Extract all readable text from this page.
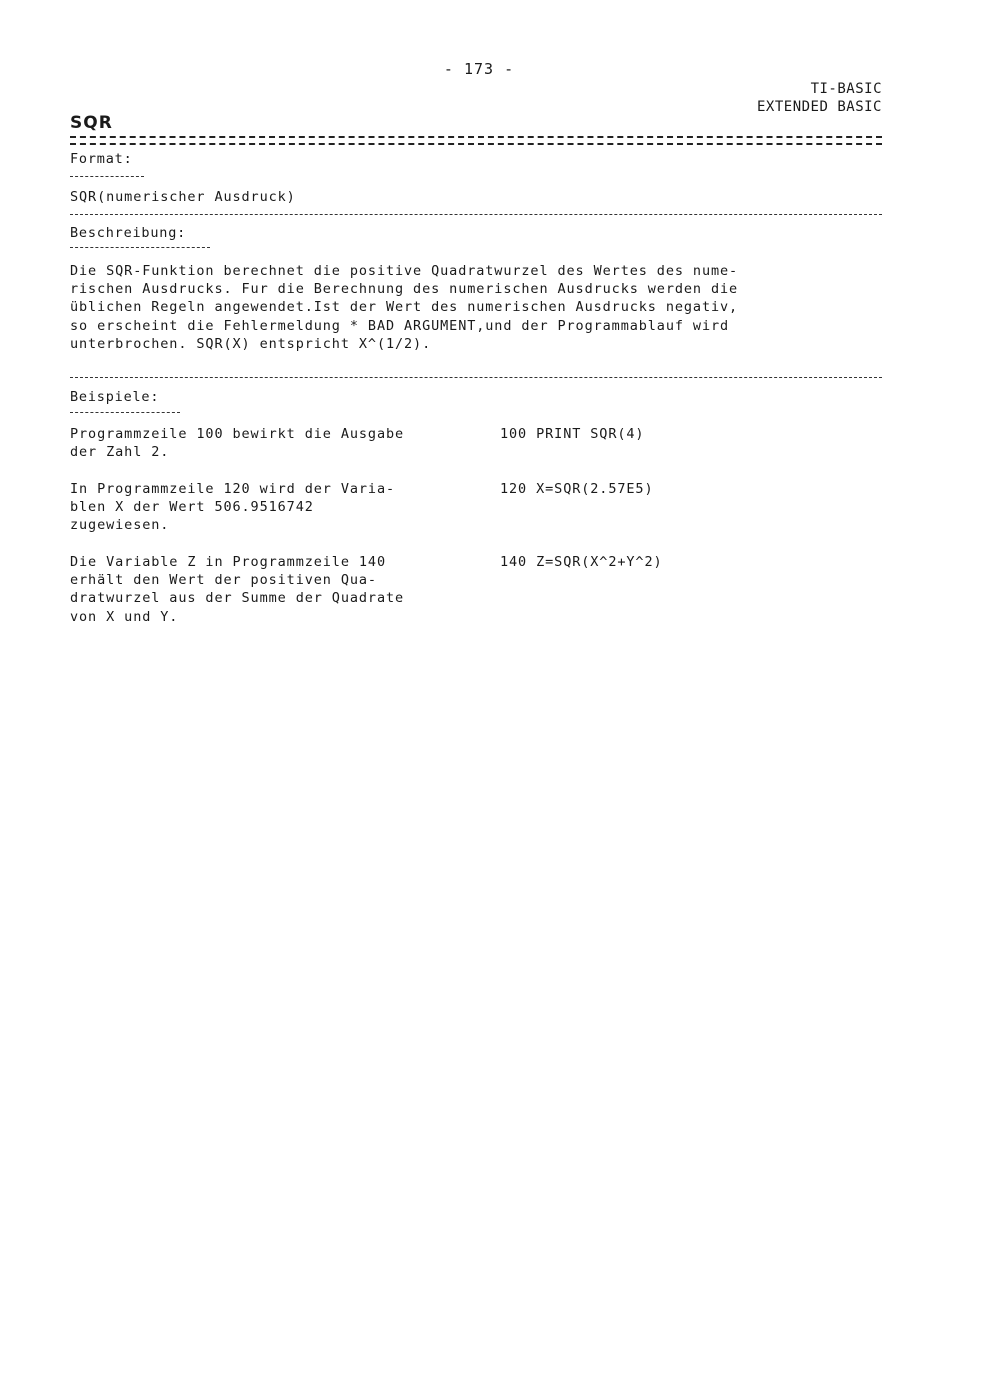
- 173 -
TI-BASIC
EXTENDED BASIC
SQR
Format:
SQR(numerischer Ausdruck)
Beschreibung:
Die SQR-Funktion berechnet die positive Quadratwurzel des Wertes des nume-
rischen Ausdrucks. Fur die Berechnung des numerischen Ausdrucks werden die
üblichen Regeln angewendet.Ist der Wert des numerischen Ausdrucks negativ,
so erscheint die Fehlermeldung * BAD ARGUMENT,und der Programmablauf wird
unterbrochen. SQR(X) entspricht X^(1/2).
Beispiele:
Programmzeile 100 bewirkt die Ausgabe
der Zahl 2.
100 PRINT SQR(4)
In Programmzeile 120 wird der Varia-
blen X der Wert 506.9516742
zugewiesen.
120 X=SQR(2.57E5)
Die Variable Z in Programmzeile 140
erhält den Wert der positiven Qua-
dratwurzel aus der Summe der Quadrate
von X und Y.
140 Z=SQR(X^2+Y^2)
